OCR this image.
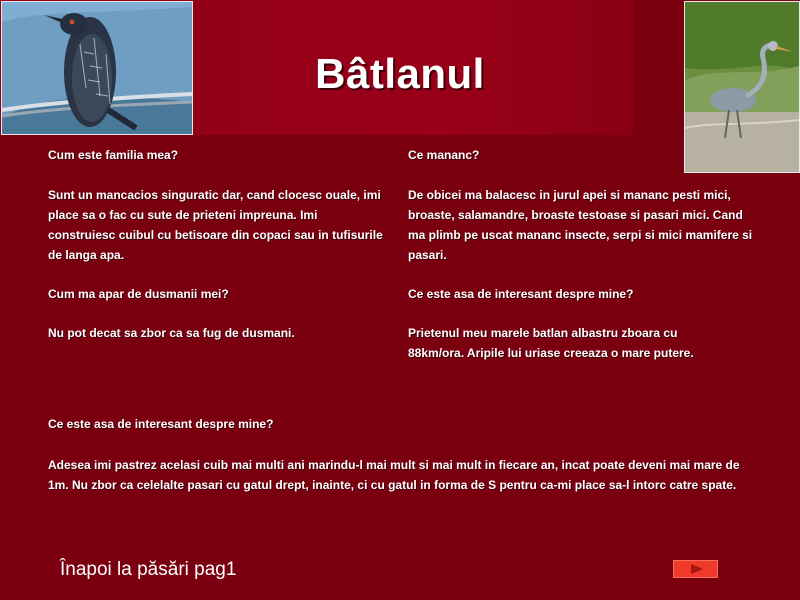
Bâtlanul
Cum este familia mea?
Sunt un mancacios singuratic dar, cand clocesc ouale, imi place sa o fac cu sute de prieteni impreuna. Imi construiesc cuibul cu betisoare din copaci sau in tufisurile de langa apa.
Cum ma apar de dusmanii mei?
Nu pot decat sa zbor ca sa fug de dusmani.
Ce mananc?
De obicei ma balacesc in jurul apei si mananc pesti mici, broaste, salamandre, broaste testoase si pasari mici. Cand ma plimb pe uscat mananc insecte, serpi si mici mamifere si pasari.
Ce este asa de interesant despre mine?
Prietenul meu marele batlan albastru zboara cu 88km/ora. Aripile lui uriase creeaza o mare putere.
Ce este asa de interesant despre mine?
Adesea imi pastrez acelasi cuib mai multi ani marindu-l mai mult si mai mult in fiecare an, incat poate deveni mai mare de 1m. Nu zbor ca celelalte pasari cu gatul drept, inainte, ci cu gatul in forma de S pentru ca-mi place sa-l intorc catre spate.
Înapoi la păsări pag1
